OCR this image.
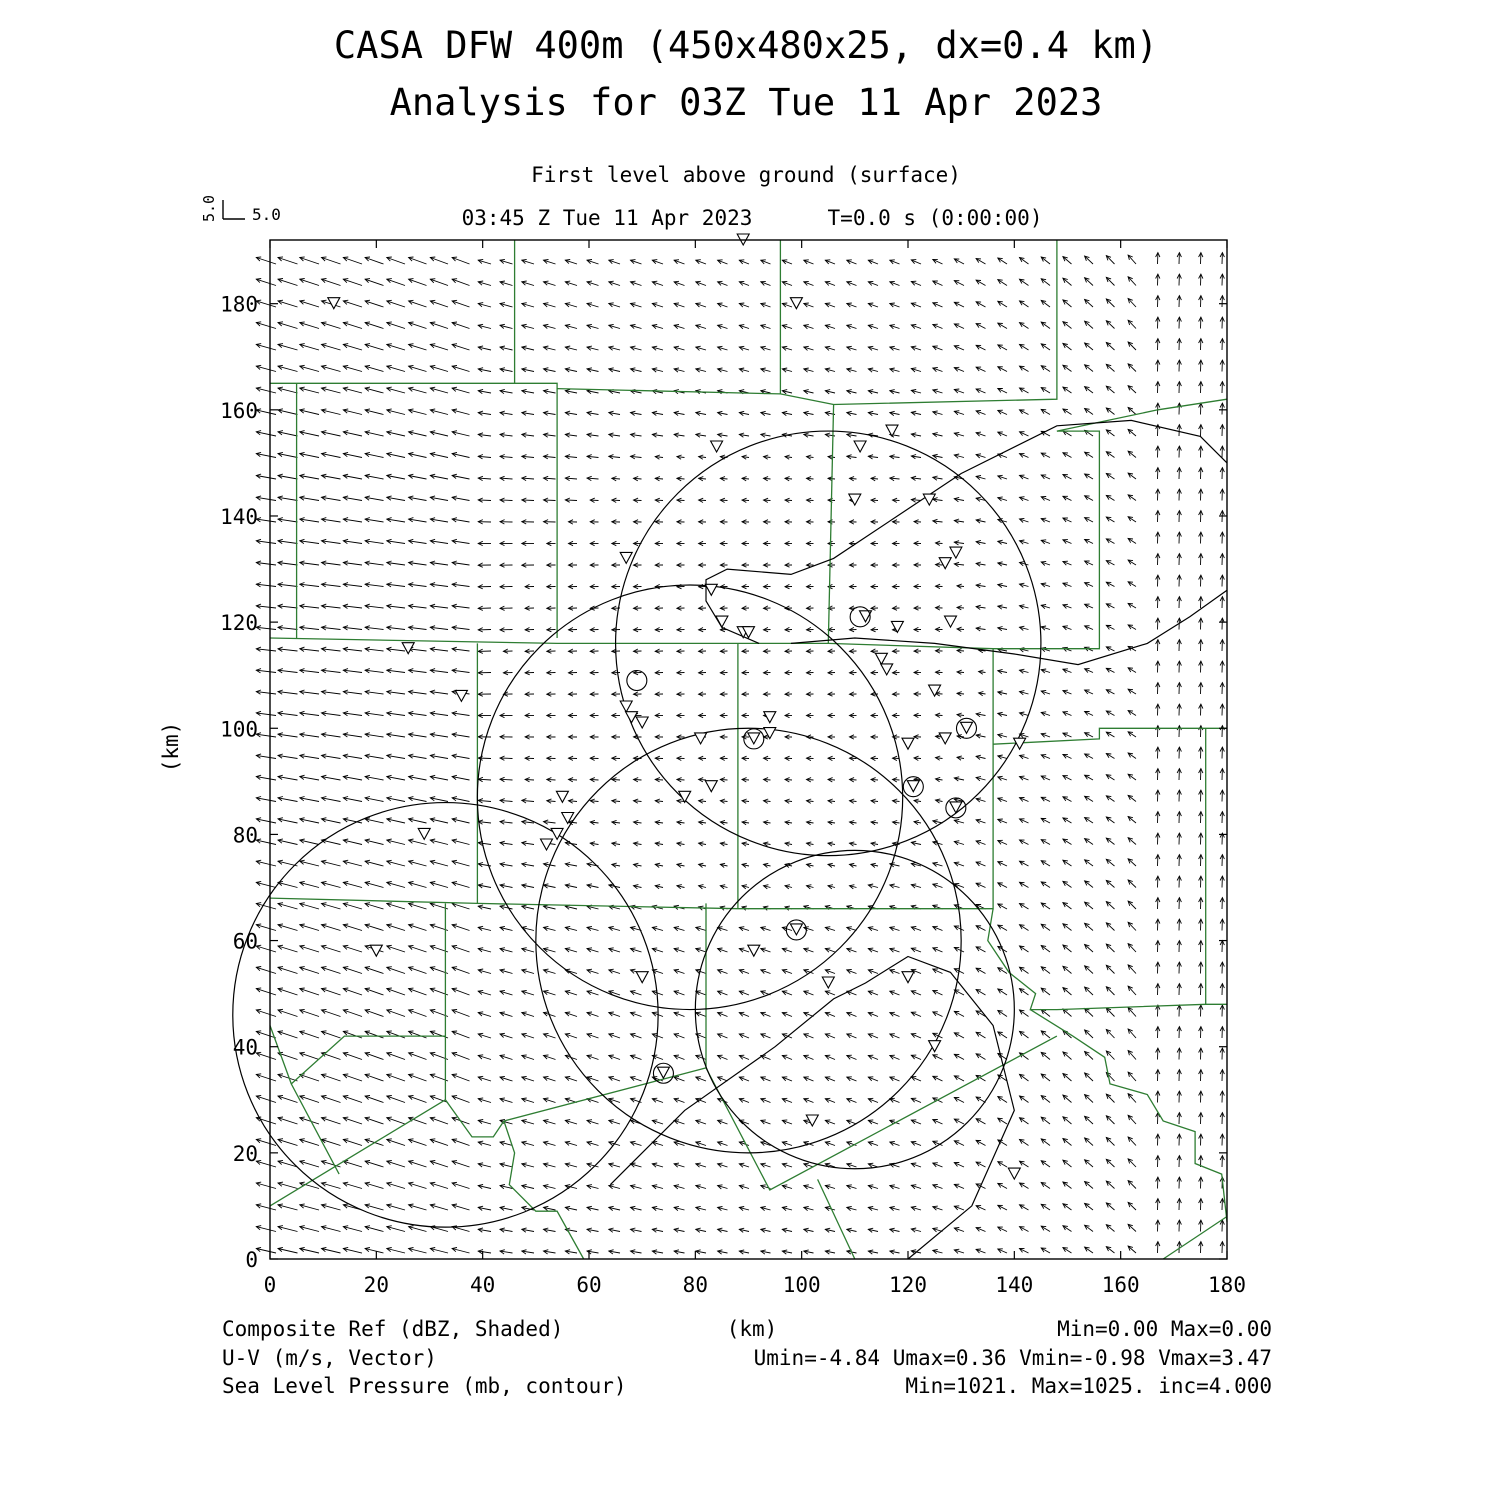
CASA DFW 400m (450x480x25, dx=0.4 km)
Analysis for 03Z Tue 11 Apr 2023
First level above ground (surface)
03:45 Z Tue 11 Apr 2023	T=0.0 s (0:00:00)
5.0 5.0
0	20	40	60	80	100	120	140	160	180
0
20
40
60
80
100
120
140
160
180
(km)
Composite Ref (dBZ, Shaded)	(km)	Min=0.00 Max=0.00
U-V (m/s, Vector)	Umin=-4.84 Umax=0.36 Vmin=-0.98 Vmax=3.47
Sea Level Pressure (mb, contour)	Min=1021. Max=1025. inc=4.000
